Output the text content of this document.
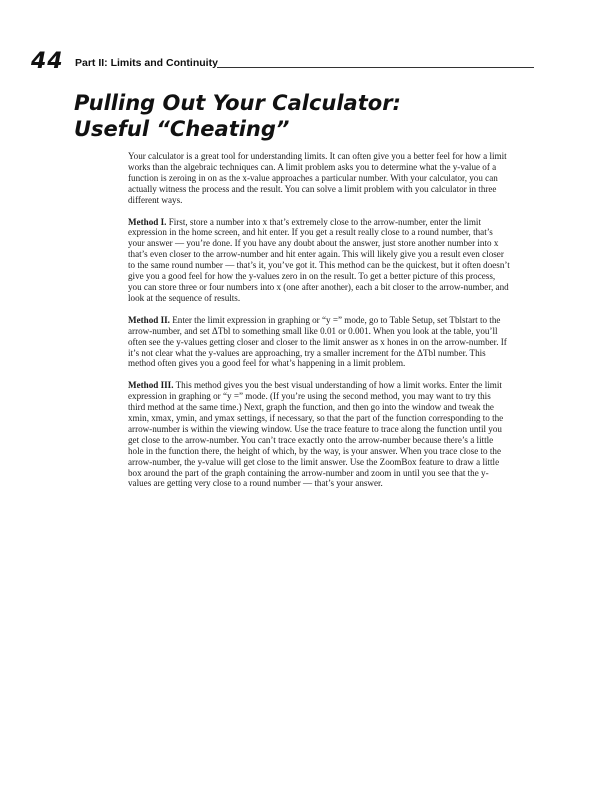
44 Part II: Limits and Continuity
Pulling Out Your Calculator:
Useful “Cheating”

Your calculator is a great tool for understanding limits. It can often give you a better feel for how a limit works than the algebraic techniques can. A limit problem asks you to determine what the y-value of a function is zeroing in on as the x-value approaches a particular number. With your calculator, you can actually witness the process and the result. You can solve a limit problem with you calculator in three different ways.

Method I. First, store a number into x that’s extremely close to the arrow-number, enter the limit expression in the home screen, and hit enter. If you get a result really close to a round number, that’s your answer — you’re done. If you have any doubt about the answer, just store another number into x that’s even closer to the arrow-number and hit enter again. This will likely give you a result even closer to the same round number — that’s it, you’ve got it. This method can be the quickest, but it often doesn’t give you a good feel for how the y-values zero in on the result. To get a better picture of this process, you can store three or four numbers into x (one after another), each a bit closer to the arrow-number, and look at the sequence of results.

Method II. Enter the limit expression in graphing or “y =” mode, go to Table Setup, set Tblstart to the arrow-number, and set ΔTbl to something small like 0.01 or 0.001. When you look at the table, you’ll often see the y-values getting closer and closer to the limit answer as x hones in on the arrow-number. If it’s not clear what the y-values are approaching, try a smaller increment for the ΔTbl number. This method often gives you a good feel for what’s happening in a limit problem.

Method III. This method gives you the best visual understanding of how a limit works. Enter the limit expression in graphing or “y =” mode. (If you’re using the second method, you may want to try this third method at the same time.) Next, graph the function, and then go into the window and tweak the xmin, xmax, ymin, and ymax settings, if necessary, so that the part of the function corresponding to the arrow-number is within the viewing window. Use the trace feature to trace along the function until you get close to the arrow-number. You can’t trace exactly onto the arrow-number because there’s a little hole in the function there, the height of which, by the way, is your answer. When you trace close to the arrow-number, the y-value will get close to the limit answer. Use the ZoomBox feature to draw a little box around the part of the graph containing the arrow-number and zoom in until you see that the y-values are getting very close to a round number — that’s your answer.
